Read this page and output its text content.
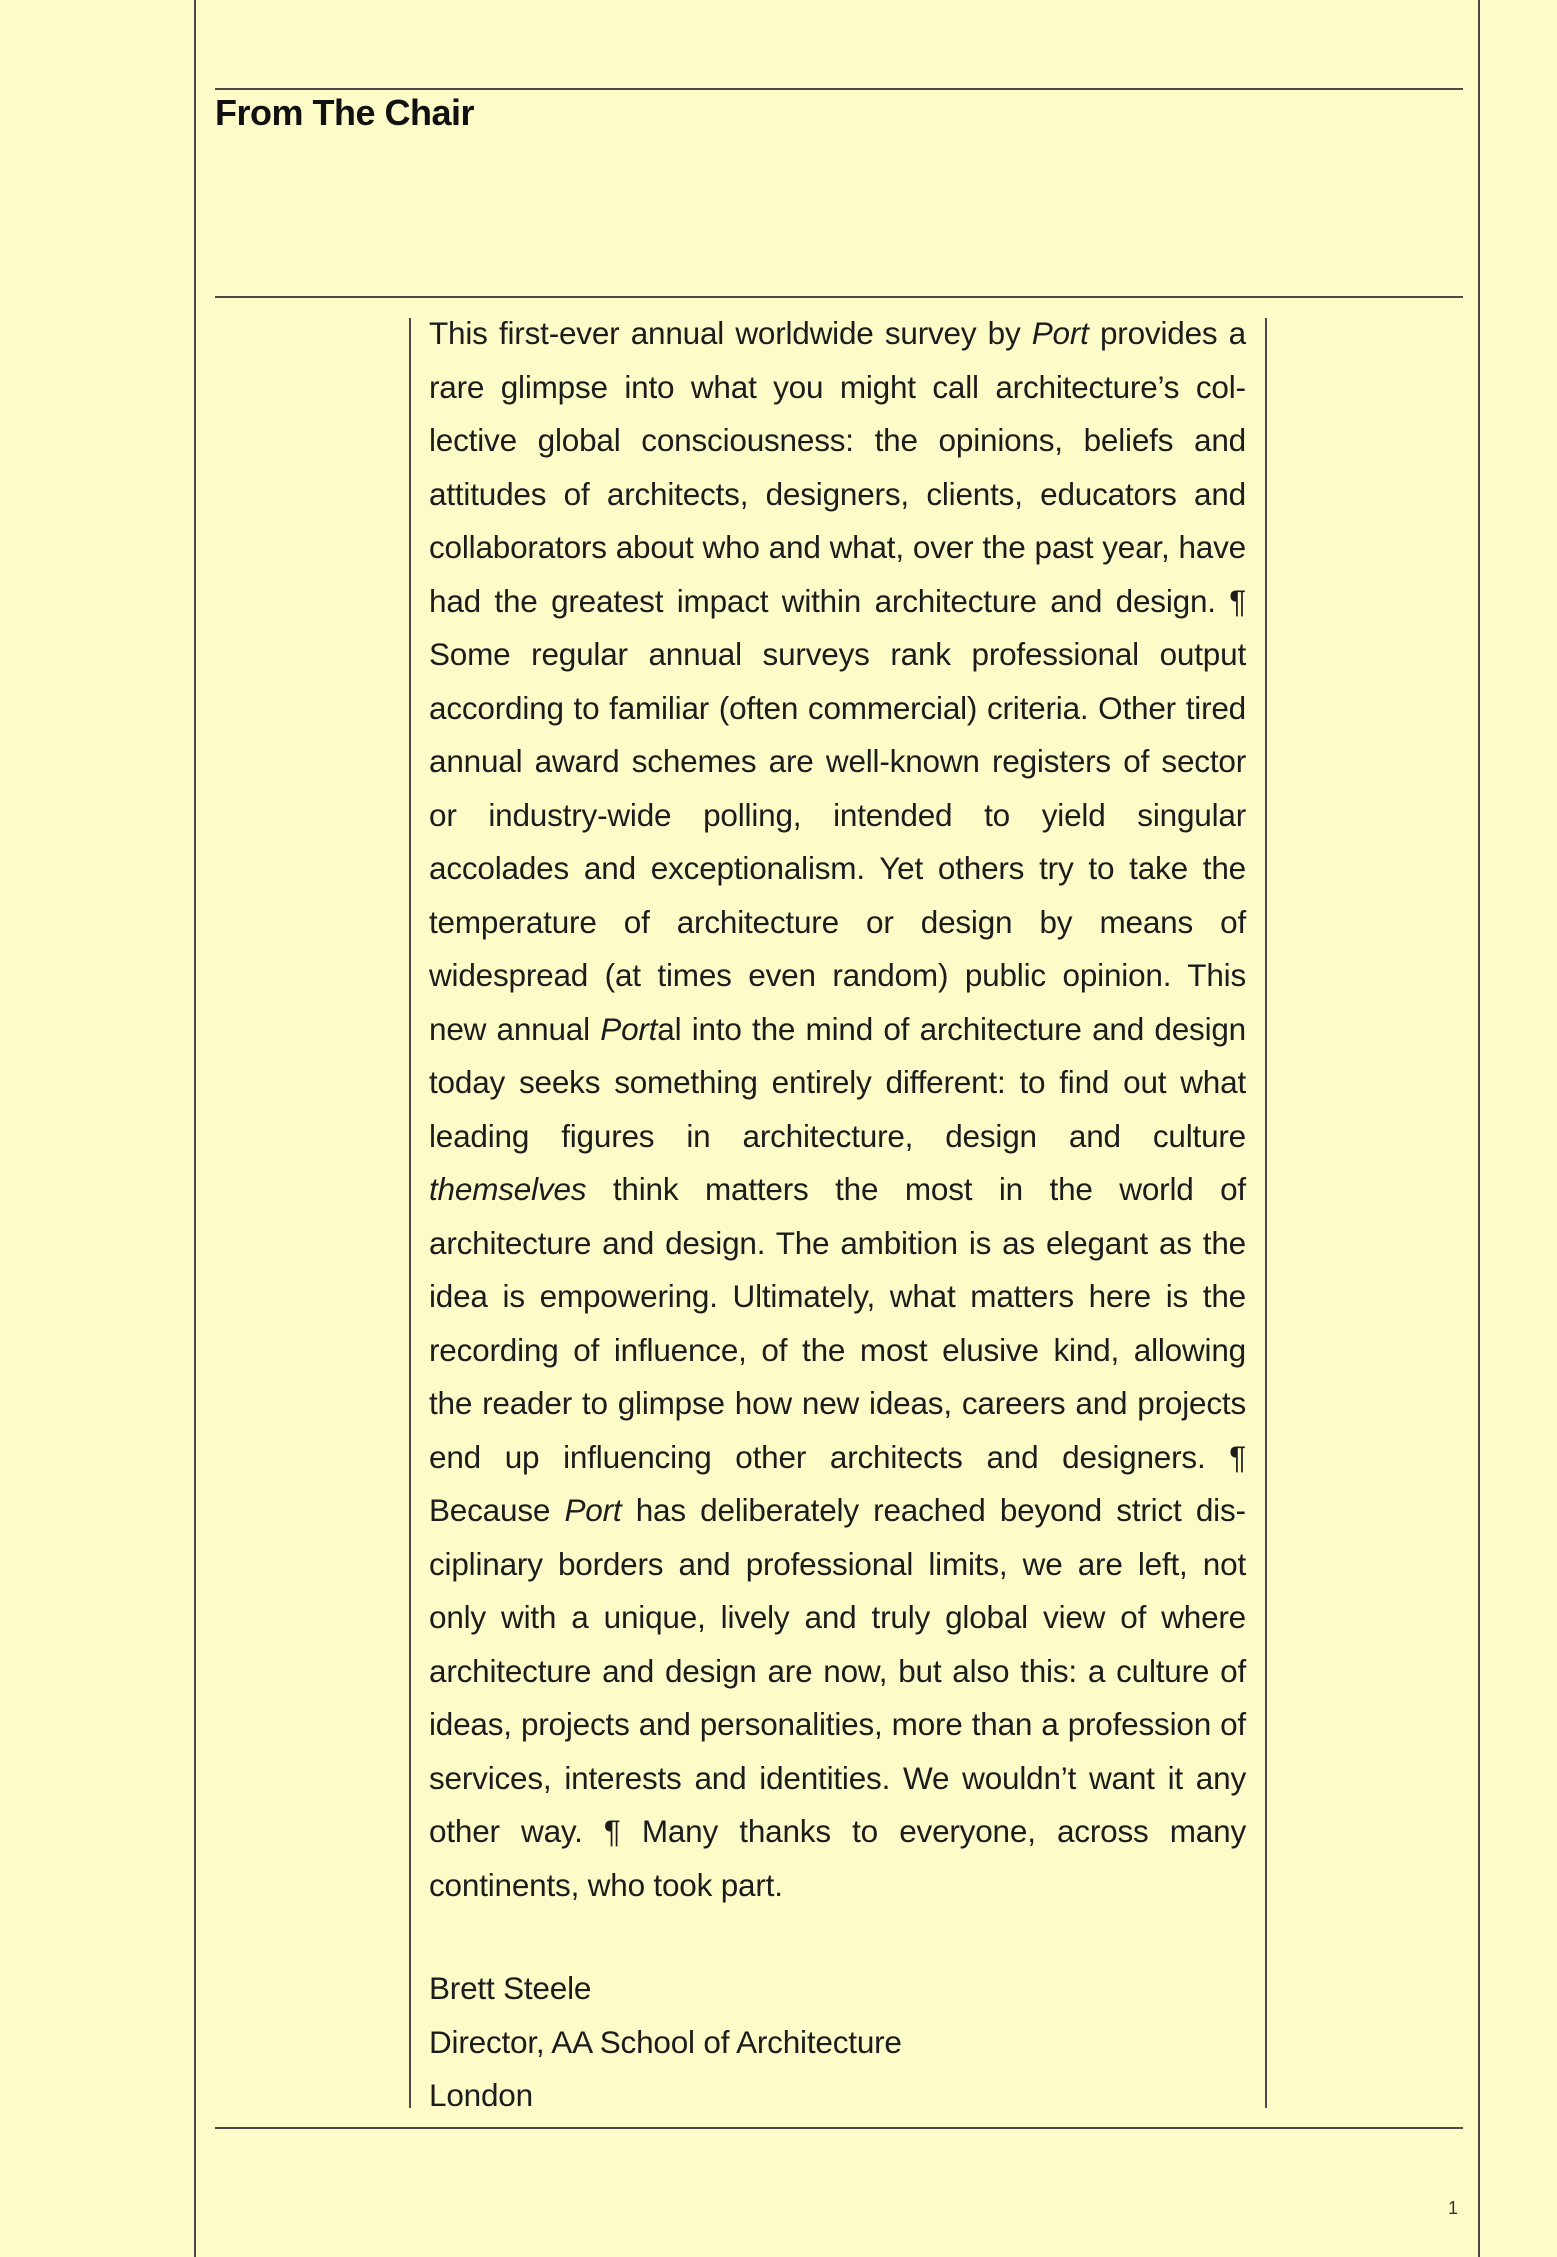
From The Chair

This first-ever annual worldwide survey by Port provides a rare glimpse into what you might call architecture’s collective global consciousness: the opinions, beliefs and attitudes of architects, designers, clients, educators and collaborators about who and what, over the past year, have had the greatest impact within architecture and design. ¶ Some regular annual surveys rank professional output according to familiar (often commercial) criteria. Other tired annual award schemes are well-known registers of sector or industry-wide polling, intended to yield singular accolades and exceptionalism. Yet others try to take the temperature of architecture or design by means of widespread (at times even random) public opinion. This new annual Portal into the mind of architecture and design today seeks something entirely different: to find out what leading figures in architecture, design and culture themselves think matters the most in the world of architecture and design. The ambition is as elegant as the idea is empowering. Ultimately, what matters here is the recording of influence, of the most elusive kind, allowing the reader to glimpse how new ideas, careers and projects end up influencing other architects and designers. ¶ Because Port has deliberately reached beyond strict disciplinary borders and professional limits, we are left, not only with a unique, lively and truly global view of where architecture and design are now, but also this: a culture of ideas, projects and personalities, more than a profession of services, interests and identities. We wouldn’t want it any other way. ¶ Many thanks to everyone, across many continents, who took part.

Brett Steele
Director, AA School of Architecture
London
1
